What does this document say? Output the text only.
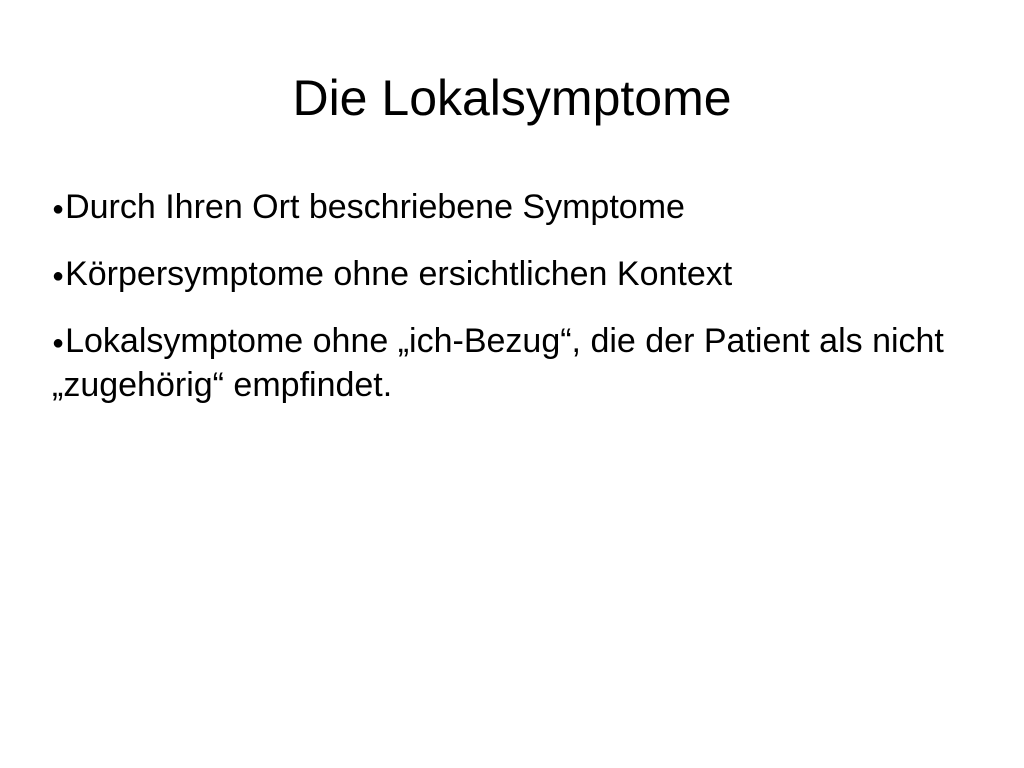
Die Lokalsymptome
●Durch Ihren Ort beschriebene Symptome
●Körpersymptome ohne ersichtlichen Kontext
●Lokalsymptome ohne „ich-Bezug“, die der Patient als nicht „zugehörig“ empfindet.
